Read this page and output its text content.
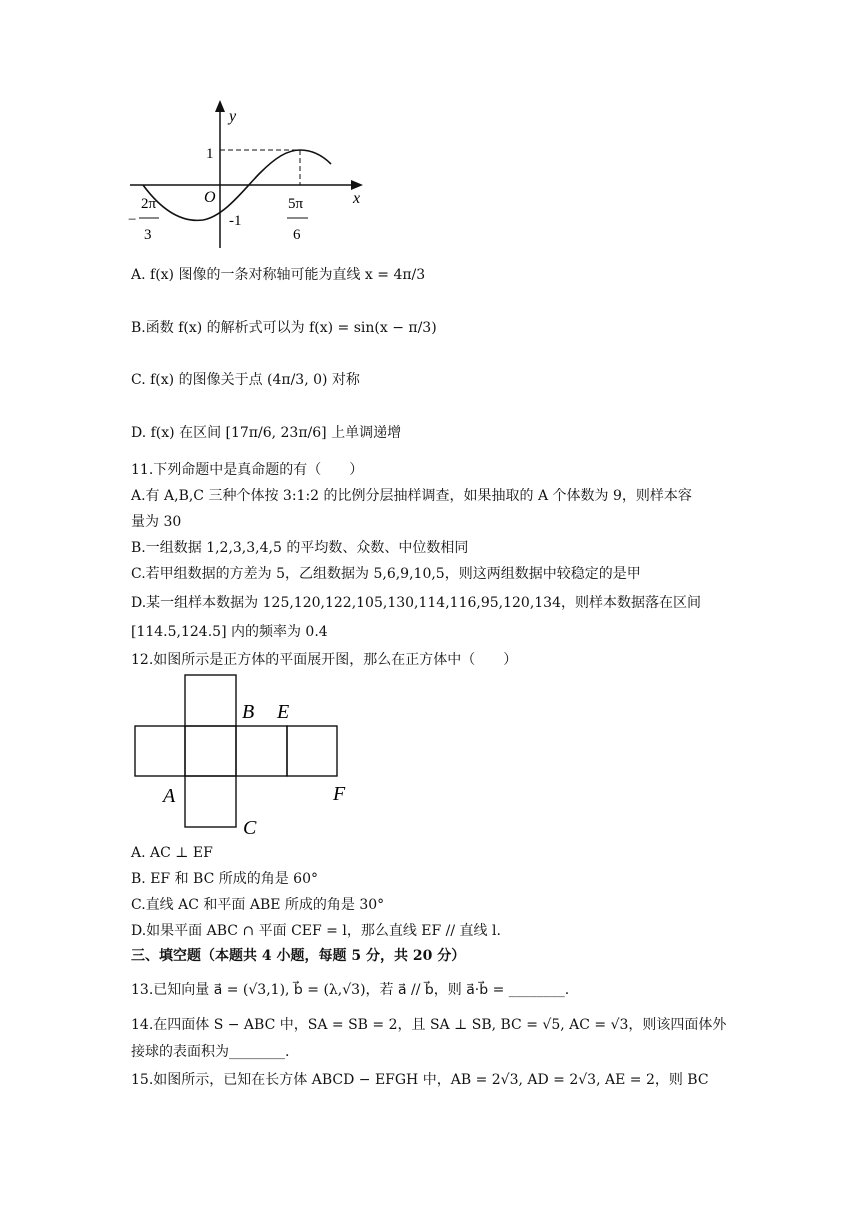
y
x
O
1
-1
−
2π
3
5π
6
A. f(x) 图像的一条对称轴可能为直线 x = 4π/3
B.函数 f(x) 的解析式可以为 f(x) = sin(x − π/3)
C. f(x) 的图像关于点 (4π/3, 0) 对称
D. f(x) 在区间 [17π/6, 23π/6] 上单调递增
11.下列命题中是真命题的有（　　）
A.有 A,B,C 三种个体按 3:1:2 的比例分层抽样调查，如果抽取的 A 个体数为 9，则样本容
量为 30
B.一组数据 1,2,3,3,4,5 的平均数、众数、中位数相同
C.若甲组数据的方差为 5，乙组数据为 5,6,9,10,5，则这两组数据中较稳定的是甲
D.某一组样本数据为 125,120,122,105,130,114,116,95,120,134，则样本数据落在区间
[114.5,124.5] 内的频率为 0.4
12.如图所示是正方体的平面展开图，那么在正方体中（　　）
B E
A	F
C
A. AC ⊥ EF
B. EF 和 BC 所成的角是 60°
C.直线 AC 和平面 ABE 所成的角是 30°
D.如果平面 ABC ∩ 平面 CEF = l，那么直线 EF // 直线 l.
三、填空题（本题共 4 小题，每题 5 分，共 20 分）
13.已知向量 a⃗ = (√3,1), b⃗ = (λ,√3)，若 a⃗ // b⃗，则 a⃗·b⃗ = ________.
14.在四面体 S − ABC 中，SA = SB = 2，且 SA ⊥ SB, BC = √5, AC = √3，则该四面体外
接球的表面积为________.
15.如图所示，已知在长方体 ABCD − EFGH 中，AB = 2√3, AD = 2√3, AE = 2，则 BC
